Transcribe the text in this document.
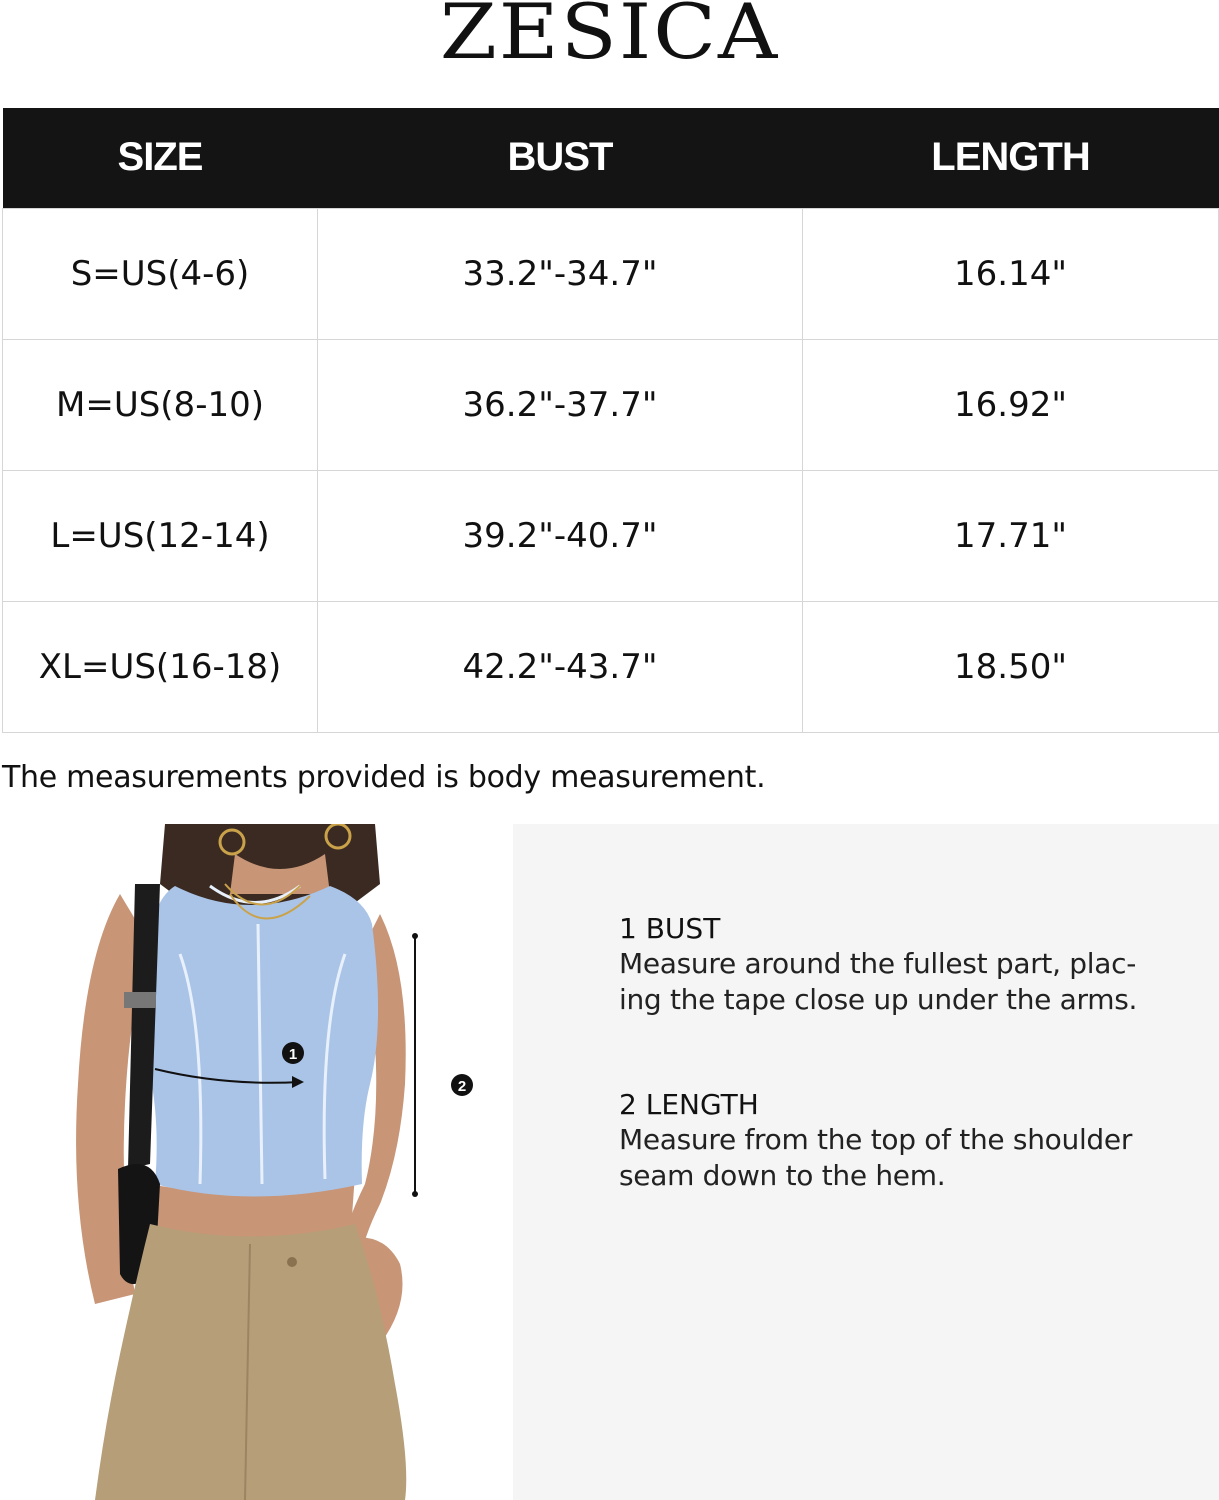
ZESICA
SIZE	BUST	LENGTH
S=US(4-6)	33.2"-34.7"	16.14"
M=US(8-10)	36.2"-37.7"	16.92"
L=US(12-14)	39.2"-40.7"	17.71"
XL=US(16-18)	42.2"-43.7"	18.50"
The measurements provided is body measurement.
1
2
1 BUST
Measure around the fullest part, plac-
ing the tape close up under the arms.
2 LENGTH
Measure from the top of the shoulder
seam down to the hem.
